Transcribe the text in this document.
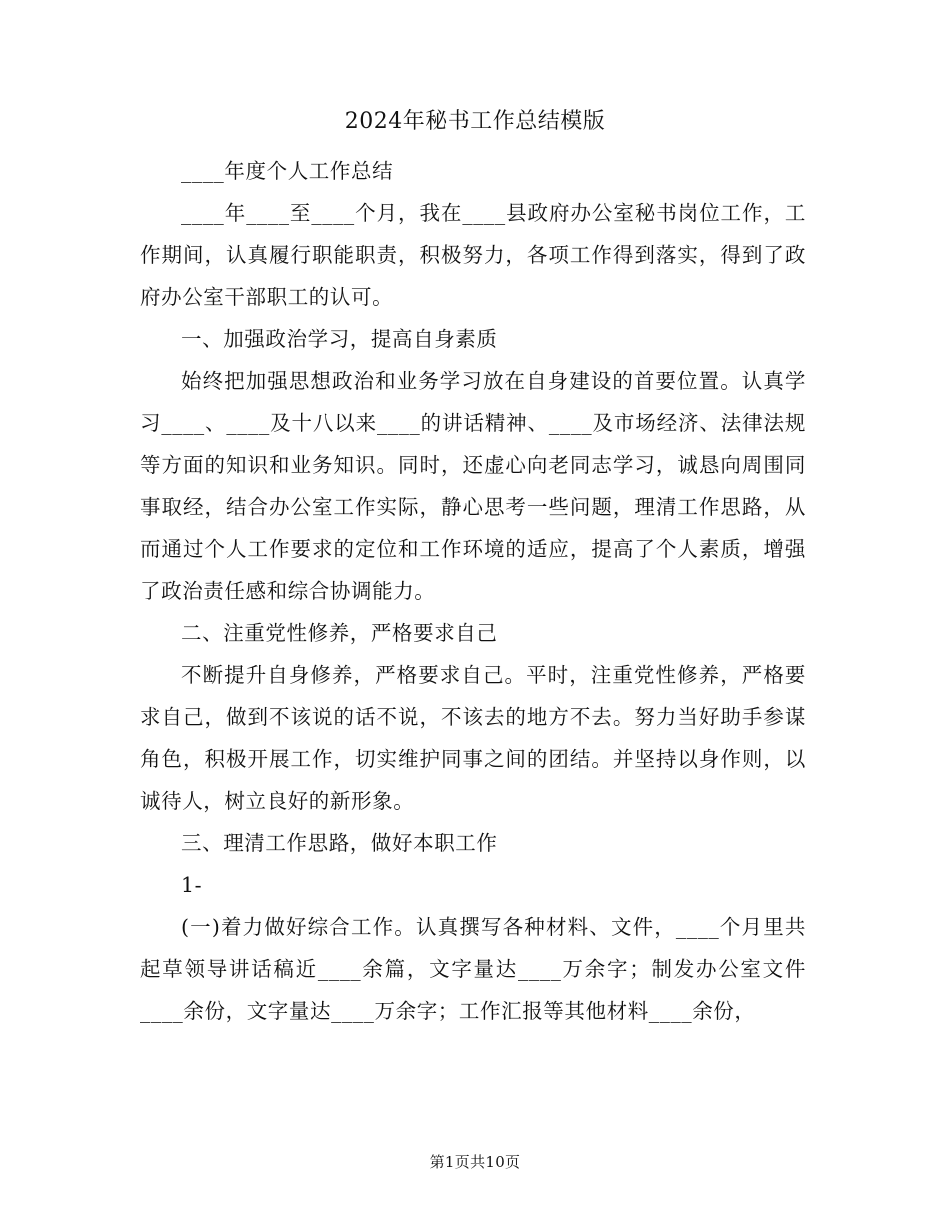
2024年秘书工作总结模版

____年度个人工作总结

____年____至____个月，我在____县政府办公室秘书岗位工作，工作期间，认真履行职能职责，积极努力，各项工作得到落实，得到了政府办公室干部职工的认可。

一、加强政治学习，提高自身素质

始终把加强思想政治和业务学习放在自身建设的首要位置。认真学习____、____及十八以来____的讲话精神、____及市场经济、法律法规等方面的知识和业务知识。同时，还虚心向老同志学习，诚恳向周围同事取经，结合办公室工作实际，静心思考一些问题，理清工作思路，从而通过个人工作要求的定位和工作环境的适应，提高了个人素质，增强了政治责任感和综合协调能力。

二、注重党性修养，严格要求自己

不断提升自身修养，严格要求自己。平时，注重党性修养，严格要求自己，做到不该说的话不说，不该去的地方不去。努力当好助手参谋角色，积极开展工作，切实维护同事之间的团结。并坚持以身作则，以诚待人，树立良好的新形象。

三、理清工作思路，做好本职工作

1-

(一)着力做好综合工作。认真撰写各种材料、文件，____个月里共起草领导讲话稿近____余篇，文字量达____万余字；制发办公室文件____余份，文字量达____万余字；工作汇报等其他材料____余份，

第1页共10页
